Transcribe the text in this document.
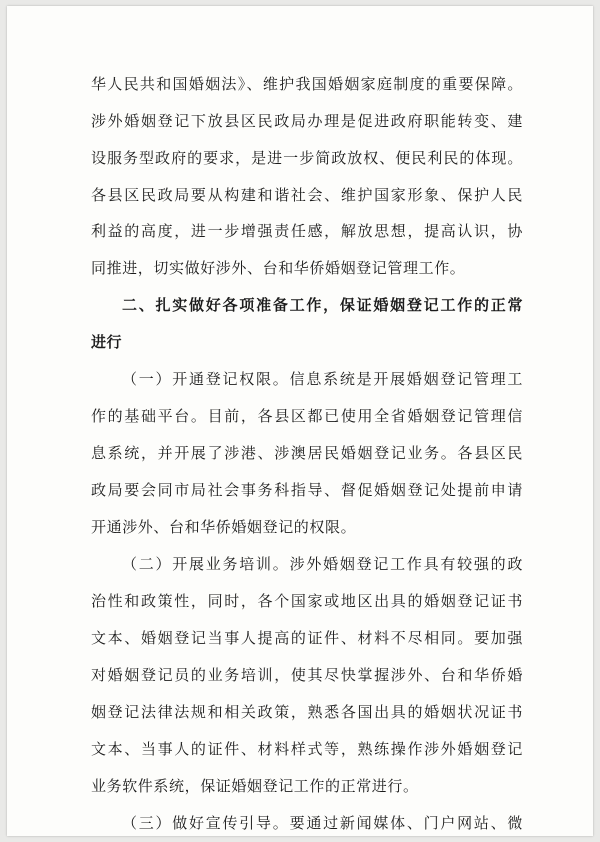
华人民共和国婚姻法》、维护我国婚姻家庭制度的重要保障。
涉外婚姻登记下放县区民政局办理是促进政府职能转变、建
设服务型政府的要求，是进一步简政放权、便民利民的体现。
各县区民政局要从构建和谐社会、维护国家形象、保护人民
利益的高度，进一步增强责任感，解放思想，提高认识，协
同推进，切实做好涉外、台和华侨婚姻登记管理工作。
二、扎实做好各项准备工作，保证婚姻登记工作的正常
进行
（一）开通登记权限。信息系统是开展婚姻登记管理工
作的基础平台。目前，各县区都已使用全省婚姻登记管理信
息系统，并开展了涉港、涉澳居民婚姻登记业务。各县区民
政局要会同市局社会事务科指导、督促婚姻登记处提前申请
开通涉外、台和华侨婚姻登记的权限。
（二）开展业务培训。涉外婚姻登记工作具有较强的政
治性和政策性，同时，各个国家或地区出具的婚姻登记证书
文本、婚姻登记当事人提高的证件、材料不尽相同。要加强
对婚姻登记员的业务培训，使其尽快掌握涉外、台和华侨婚
姻登记法律法规和相关政策，熟悉各国出具的婚姻状况证书
文本、当事人的证件、材料样式等，熟练操作涉外婚姻登记
业务软件系统，保证婚姻登记工作的正常进行。
（三）做好宣传引导。要通过新闻媒体、门户网站、微
